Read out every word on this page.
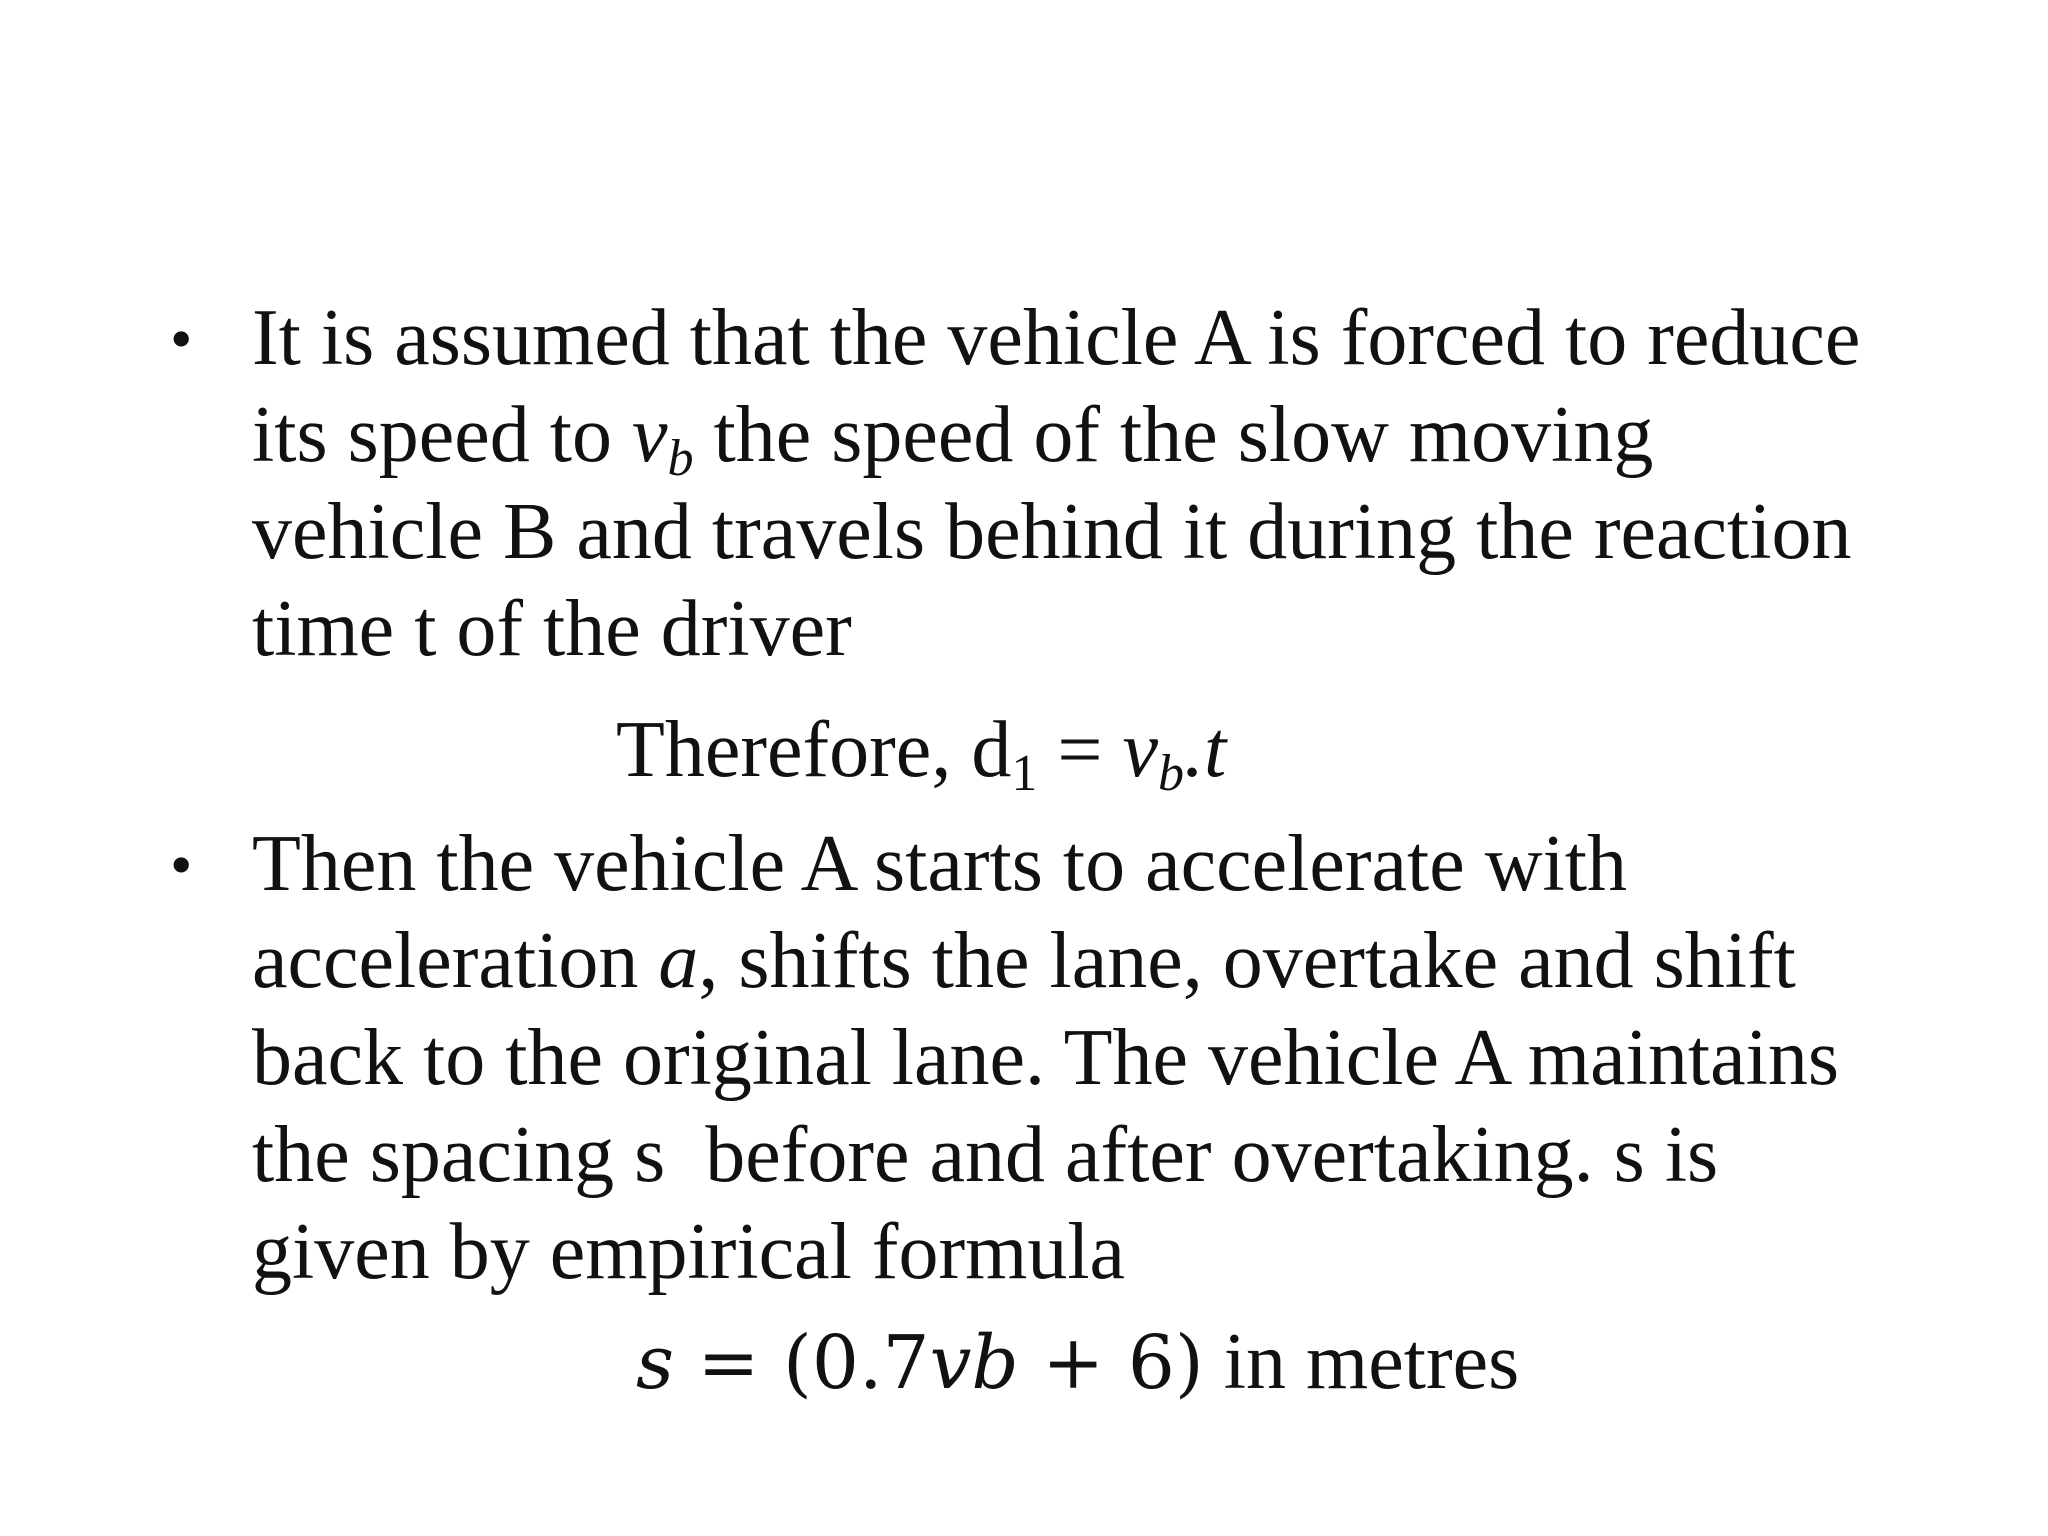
• It is assumed that the vehicle A is forced to reduce
its speed to $v_b$ the speed of the slow moving
vehicle B and travels behind it during the reaction
time t of the driver
Therefore, $d_1 = v_b.t$
• Then the vehicle A starts to accelerate with
acceleration a, shifts the lane, overtake and shift
back to the original lane. The vehicle A maintains
the spacing s  before and after overtaking. s is
given by empirical formula
s = (0.7vb + 6) in metres
